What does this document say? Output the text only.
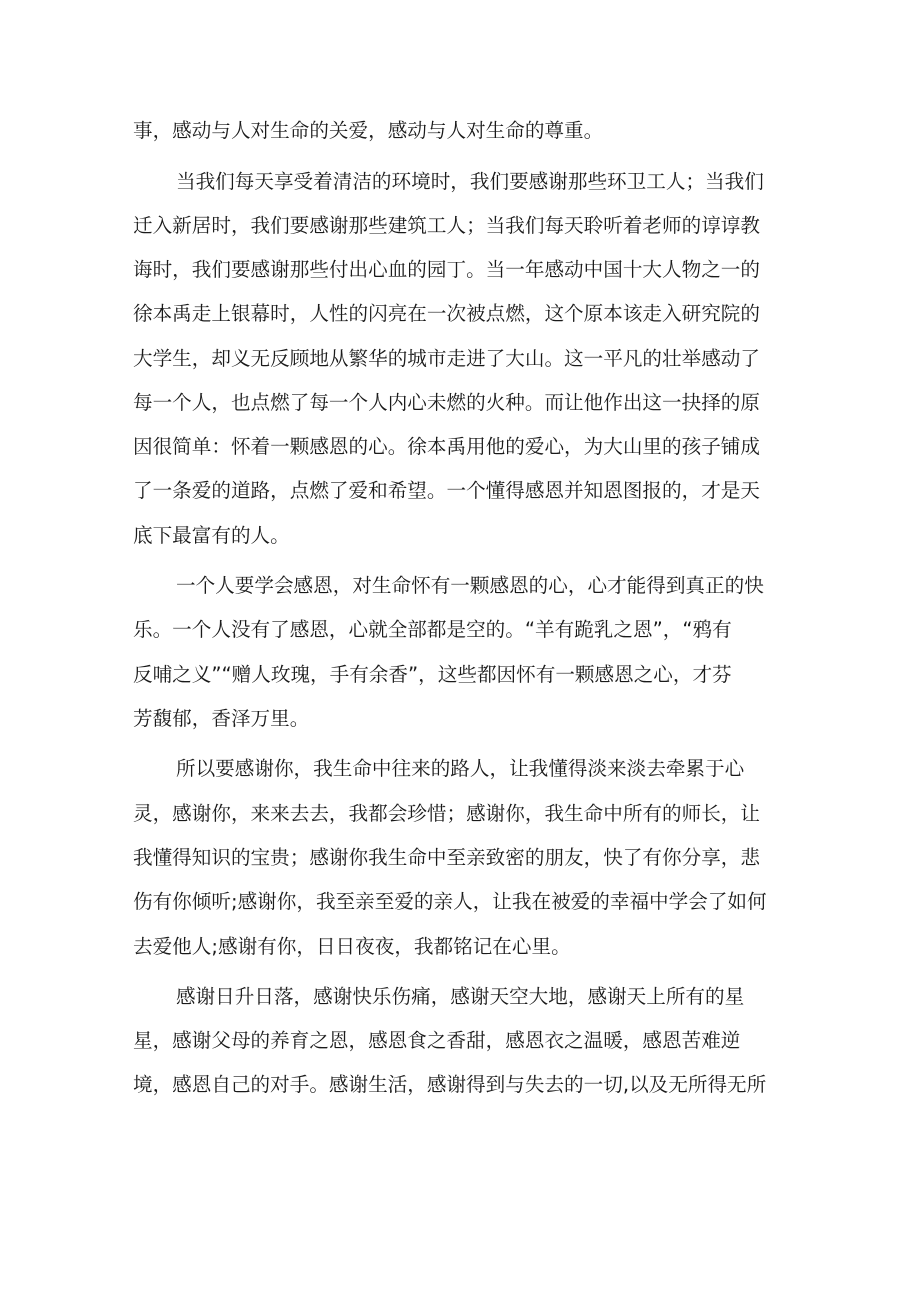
事，感动与人对生命的关爱，感动与人对生命的尊重。

当我们每天享受着清洁的环境时，我们要感谢那些环卫工人；当我们

迁入新居时，我们要感谢那些建筑工人；当我们每天聆听着老师的谆谆教

诲时，我们要感谢那些付出心血的园丁。当一年感动中国十大人物之一的

徐本禹走上银幕时，人性的闪亮在一次被点燃，这个原本该走入研究院的

大学生，却义无反顾地从繁华的城市走进了大山。这一平凡的壮举感动了

每一个人，也点燃了每一个人内心未燃的火种。而让他作出这一抉择的原

因很简单：怀着一颗感恩的心。徐本禹用他的爱心，为大山里的孩子铺成

了一条爱的道路，点燃了爱和希望。一个懂得感恩并知恩图报的，才是天

底下最富有的人。

一个人要学会感恩，对生命怀有一颗感恩的心，心才能得到真正的快

乐。一个人没有了感恩，心就全部都是空的。“羊有跪乳之恩”，“鸦有

反哺之义”“赠人玫瑰，手有余香”，这些都因怀有一颗感恩之心，才芬

芳馥郁，香泽万里。

所以要感谢你，我生命中往来的路人，让我懂得淡来淡去牵累于心

灵，感谢你，来来去去，我都会珍惜；感谢你，我生命中所有的师长，让

我懂得知识的宝贵；感谢你我生命中至亲致密的朋友，快了有你分享，悲

伤有你倾听;感谢你，我至亲至爱的亲人，让我在被爱的幸福中学会了如何

去爱他人;感谢有你，日日夜夜，我都铭记在心里。

感谢日升日落，感谢快乐伤痛，感谢天空大地，感谢天上所有的星

星，感谢父母的养育之恩，感恩食之香甜，感恩衣之温暖，感恩苦难逆

境，感恩自己的对手。感谢生活，感谢得到与失去的一切,以及无所得无所
